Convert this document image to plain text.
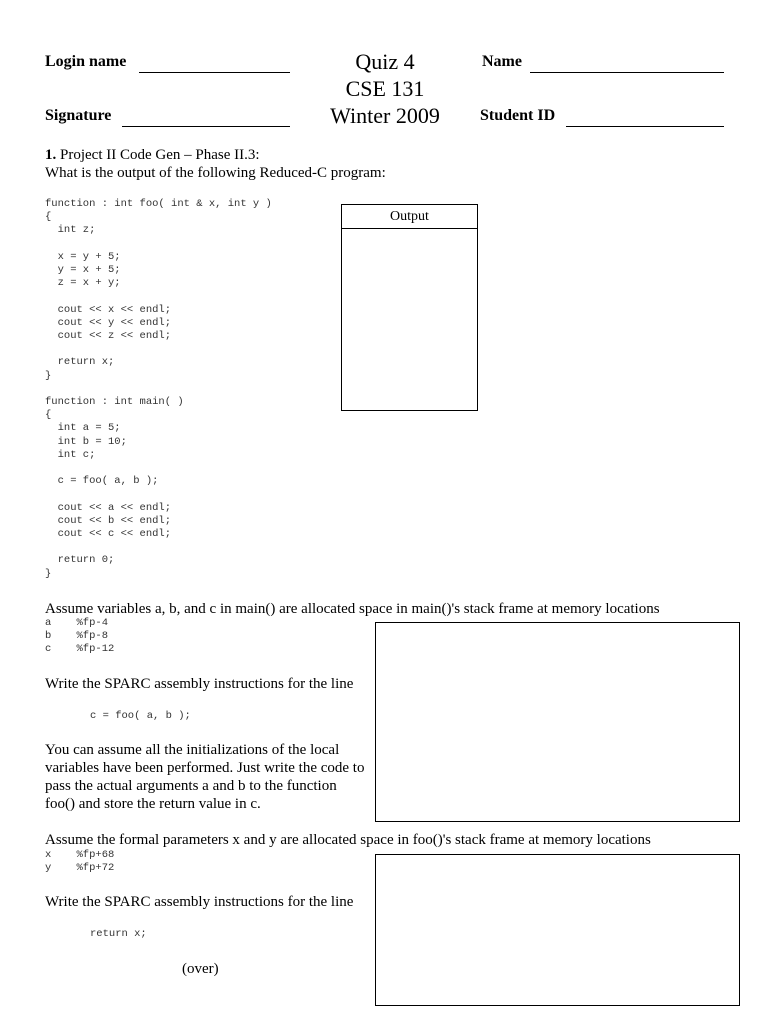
Login name
Signature
Quiz 4
CSE 131
Winter 2009
Name
Student ID
1. Project II Code Gen – Phase II.3:
What is the output of the following Reduced-C program:
function : int foo( int & x, int y )
{
int z;

x = y + 5;
y = x + 5;
z = x + y;

cout << x << endl;
cout << y << endl;
cout << z << endl;

return x;
}

function : int main( )
{
int a = 5;
int b = 10;
int c;

c = foo( a, b );

cout << a << endl;
cout << b << endl;
cout << c << endl;

return 0;
}
Output
Assume variables a, b, and c in main() are allocated space in main()'s stack frame at memory locations
a    %fp-4
b    %fp-8
c    %fp-12
Write the SPARC assembly instructions for the line
c = foo( a, b );
You can assume all the initializations of the local variables have been performed. Just write the code to pass the actual arguments a and b to the function foo() and store the return value in c.
Assume the formal parameters x and y are allocated space in foo()'s stack frame at memory locations
x    %fp+68
y    %fp+72
Write the SPARC assembly instructions for the line
return x;
(over)
